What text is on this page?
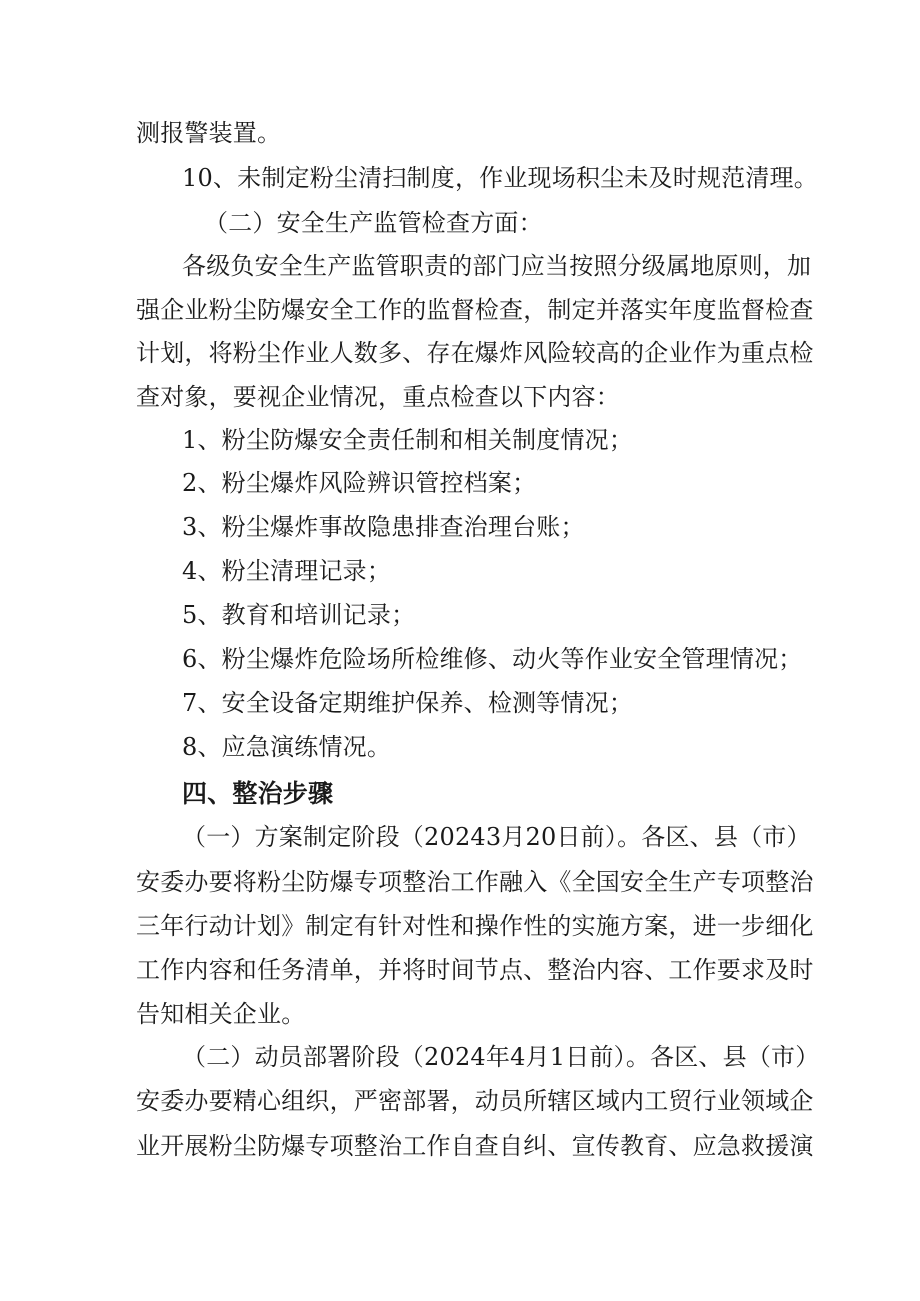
测报警装置。
10、未制定粉尘清扫制度，作业现场积尘未及时规范清理。
（二）安全生产监管检查方面：
各级负安全生产监管职责的部门应当按照分级属地原则，加
强企业粉尘防爆安全工作的监督检查，制定并落实年度监督检查
计划，将粉尘作业人数多、存在爆炸风险较高的企业作为重点检
查对象，要视企业情况，重点检查以下内容：
1、粉尘防爆安全责任制和相关制度情况；
2、粉尘爆炸风险辨识管控档案；
3、粉尘爆炸事故隐患排查治理台账；
4、粉尘清理记录；
5、教育和培训记录；
6、粉尘爆炸危险场所检维修、动火等作业安全管理情况；
7、安全设备定期维护保养、检测等情况；
8、应急演练情况。
四、整治步骤
（一）方案制定阶段（20243月20日前）。各区、县（市）
安委办要将粉尘防爆专项整治工作融入《全国安全生产专项整治
三年行动计划》制定有针对性和操作性的实施方案，进一步细化
工作内容和任务清单，并将时间节点、整治内容、工作要求及时
告知相关企业。
（二）动员部署阶段（2024年4月1日前）。各区、县（市）
安委办要精心组织，严密部署，动员所辖区域内工贸行业领域企
业开展粉尘防爆专项整治工作自查自纠、宣传教育、应急救援演
